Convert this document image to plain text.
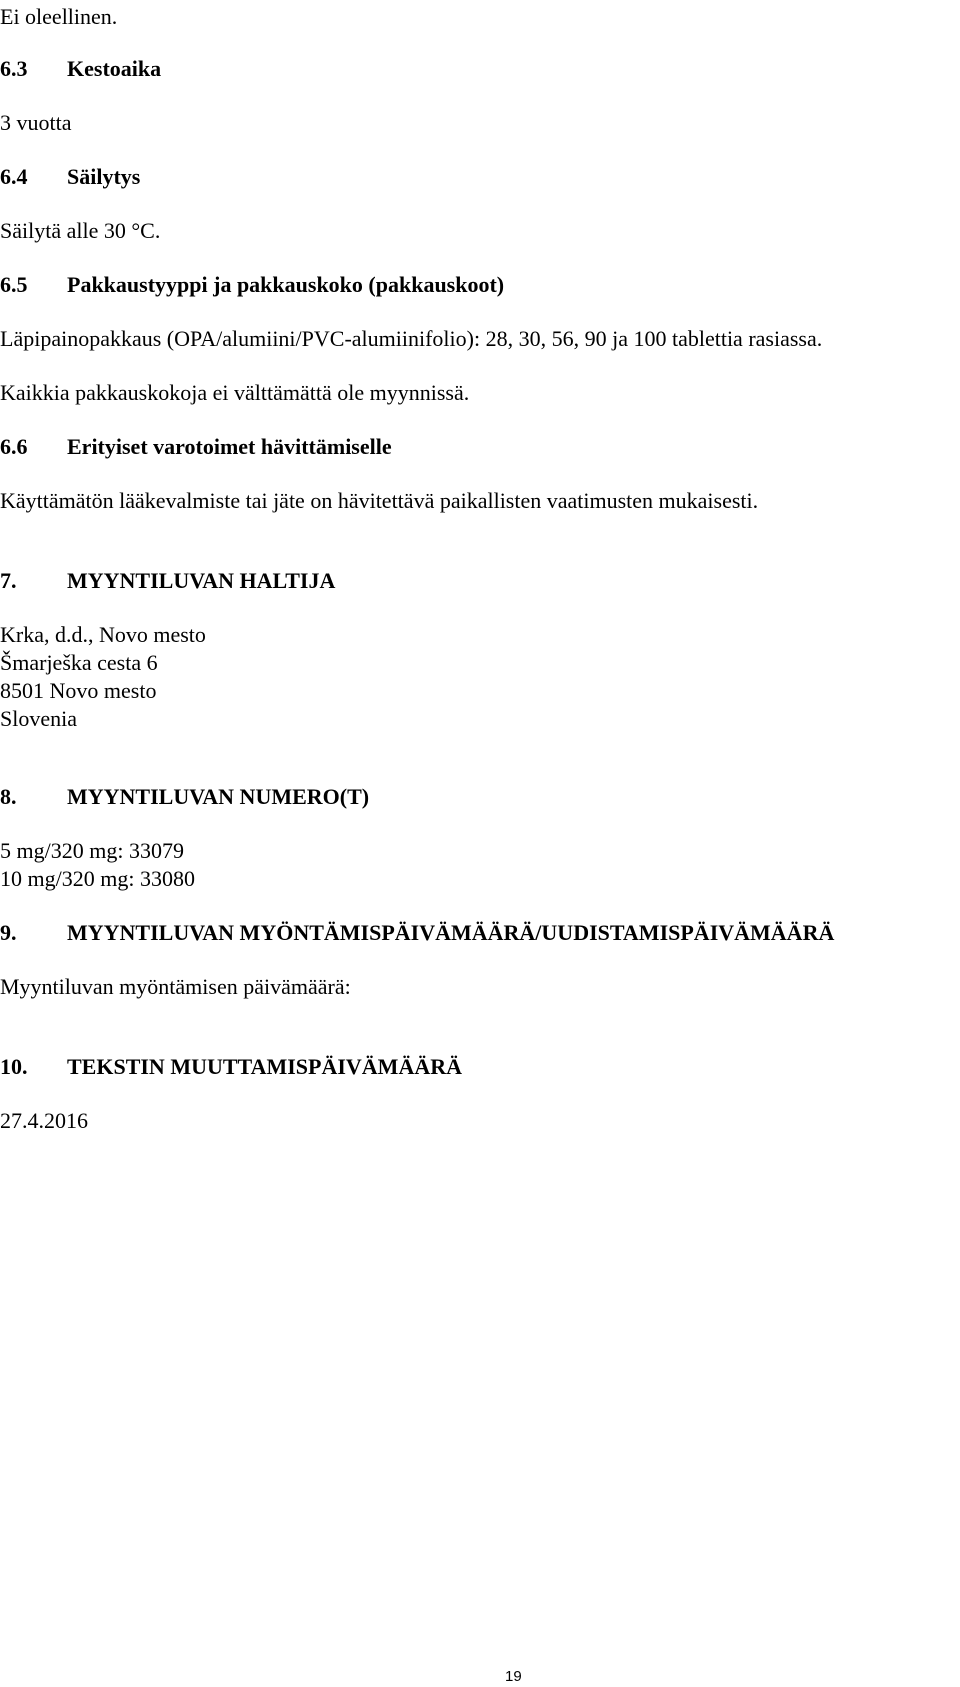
Ei oleellinen.
6.3 Kestoaika
3 vuotta
6.4 Säilytys
Säilytä alle 30 °C.
6.5 Pakkaustyyppi ja pakkauskoko (pakkauskoot)
Läpipainopakkaus (OPA/alumiini/PVC-alumiinifolio): 28, 30, 56, 90 ja 100 tablettia rasiassa.
Kaikkia pakkauskokoja ei välttämättä ole myynnissä.
6.6 Erityiset varotoimet hävittämiselle
Käyttämätön lääkevalmiste tai jäte on hävitettävä paikallisten vaatimusten mukaisesti.
7. MYYNTILUVAN HALTIJA
Krka, d.d., Novo mesto
Šmarješka cesta 6
8501 Novo mesto
Slovenia
8. MYYNTILUVAN NUMERO(T)
5 mg/320 mg: 33079
10 mg/320 mg: 33080
9. MYYNTILUVAN MYÖNTÄMISPÄIVÄMÄÄRÄ/UUDISTAMISPÄIVÄMÄÄRÄ
Myyntiluvan myöntämisen päivämäärä:
10. TEKSTIN MUUTTAMISPÄIVÄMÄÄRÄ
27.4.2016
19
